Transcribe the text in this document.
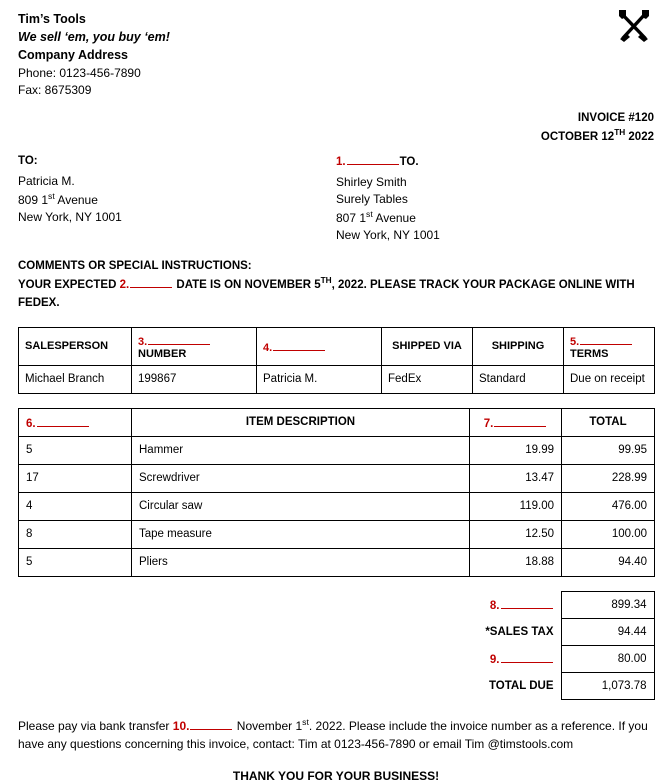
Tim’s Tools
We sell ‘em, you buy ‘em!
Company Address
Phone: 0123-456-7890
Fax: 8675309
INVOICE #120
OCTOBER 12TH 2022
TO:
Patricia M.
809 1st Avenue
New York, NY 1001
1.	TO.
Shirley Smith
Surely Tables
807 1st Avenue
New York, NY 1001
COMMENTS OR SPECIAL INSTRUCTIONS:
YOUR EXPECTED 2.	DATE IS ON NOVEMBER 5TH, 2022. PLEASE TRACK YOUR PACKAGE ONLINE WITH FEDEX.
SALESPERSON	3.NUMBER	4.	SHIPPED VIA	SHIPPING	5.TERMS
Michael Branch	199867	Patricia M.	FedEx	Standard	Due on receipt
6.	ITEM DESCRIPTION	7.	TOTAL
5	Hammer	19.99	99.95
17	Screwdriver	13.47	228.99
4	Circular saw	119.00	476.00
8	Tape measure	12.50	100.00
5	Pliers	18.88	94.40
	8.	899.34
	*SALES TAX	94.44
	9.	80.00
	TOTAL DUE	1,073.78
Please pay via bank transfer 10.	November 1st. 2022. Please include the invoice number as a reference. If you have any questions concerning this invoice, contact: Tim at 0123-456-7890 or email Tim @timstools.com
THANK YOU FOR YOUR BUSINESS!
